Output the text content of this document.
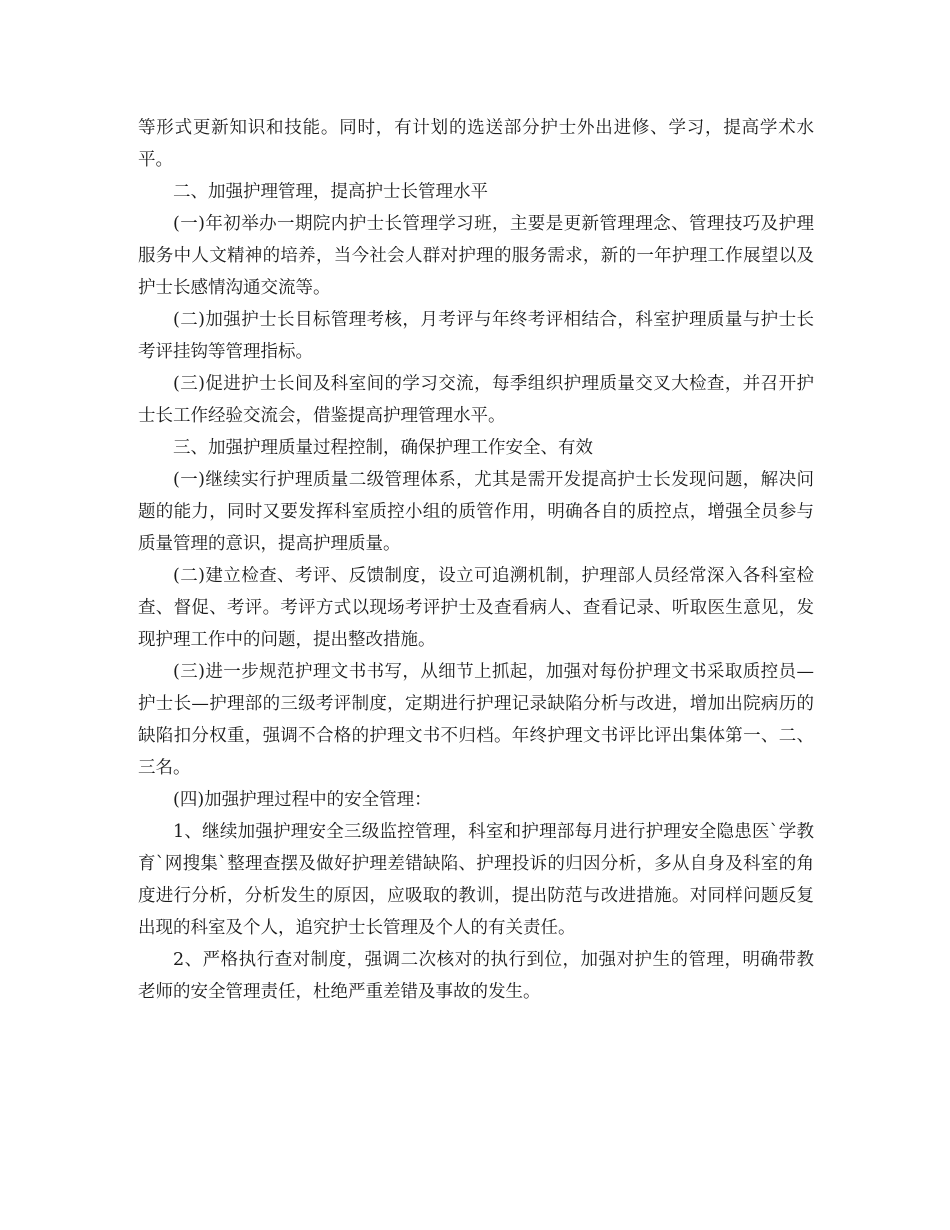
等形式更新知识和技能。同时，有计划的选送部分护士外出进修、学习，提高学术水平。

二、加强护理管理，提高护士长管理水平

(一)年初举办一期院内护士长管理学习班，主要是更新管理理念、管理技巧及护理服务中人文精神的培养，当今社会人群对护理的服务需求，新的一年护理工作展望以及护士长感情沟通交流等。

(二)加强护士长目标管理考核，月考评与年终考评相结合，科室护理质量与护士长考评挂钩等管理指标。

(三)促进护士长间及科室间的学习交流，每季组织护理质量交叉大检查，并召开护士长工作经验交流会，借鉴提高护理管理水平。

三、加强护理质量过程控制，确保护理工作安全、有效

(一)继续实行护理质量二级管理体系，尤其是需开发提高护士长发现问题，解决问题的能力，同时又要发挥科室质控小组的质管作用，明确各自的质控点，增强全员参与质量管理的意识，提高护理质量。

(二)建立检查、考评、反馈制度，设立可追溯机制，护理部人员经常深入各科室检查、督促、考评。考评方式以现场考评护士及查看病人、查看记录、听取医生意见，发现护理工作中的问题，提出整改措施。

(三)进一步规范护理文书书写，从细节上抓起，加强对每份护理文书采取质控员—护士长—护理部的三级考评制度，定期进行护理记录缺陷分析与改进，增加出院病历的缺陷扣分权重，强调不合格的护理文书不归档。年终护理文书评比评出集体第一、二、三名。

(四)加强护理过程中的安全管理：

1、继续加强护理安全三级监控管理，科室和护理部每月进行护理安全隐患医`学教育`网搜集`整理查摆及做好护理差错缺陷、护理投诉的归因分析，多从自身及科室的角度进行分析，分析发生的原因，应吸取的教训，提出防范与改进措施。对同样问题反复出现的科室及个人，追究护士长管理及个人的有关责任。

2、严格执行查对制度，强调二次核对的执行到位，加强对护生的管理，明确带教老师的安全管理责任，杜绝严重差错及事故的发生。
